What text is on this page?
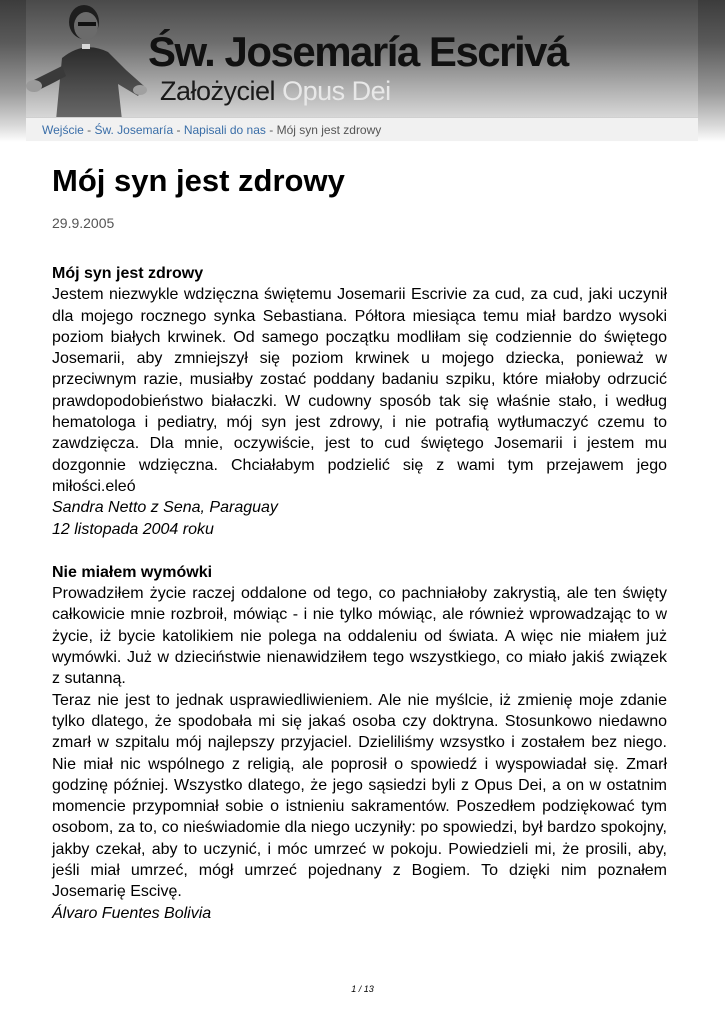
Św. Josemaría Escrivá
Założyciel Opus Dei
Wejście - Św. Josemaría - Napisali do nas - Mój syn jest zdrowy
Mój syn jest zdrowy
29.9.2005
Mój syn jest zdrowy

Jestem niezwykle wdzięczna świętemu Josemarii Escrivie za cud, za cud, jaki uczynił dla mojego rocznego synka Sebastiana. Półtora miesiąca temu miał bardzo wysoki poziom białych krwinek. Od samego początku modliłam się codziennie do świętego Josemarii, aby zmniejszył się poziom krwinek u mojego dziecka, ponieważ w przeciwnym razie, musiałby zostać poddany badaniu szpiku, które miałoby odrzucić prawdopodobieństwo białaczki. W cudowny sposób tak się właśnie stało, i według hematologa i pediatry, mój syn jest zdrowy, i nie potrafią wytłumaczyć czemu to zawdzięcza. Dla mnie, oczywiście, jest to cud świętego Josemarii i jestem mu dozgonnie wdzięczna. Chciałabym podzielić się z wami tym przejawem jego miłości.eleó

Sandra Netto z Sena, Paraguay
12 listopada 2004 roku
Nie miałem wymówki

Prowadziłem życie raczej oddalone od tego, co pachniałoby zakrystią, ale ten święty całkowicie mnie rozbroił, mówiąc - i nie tylko mówiąc, ale również wprowadzając to w życie, iż bycie katolikiem nie polega na oddaleniu od świata. A więc nie miałem już wymówki. Już w dzieciństwie nienawidziłem tego wszystkiego, co miało jakiś związek z sutanną.

Teraz nie jest to jednak usprawiedliwieniem. Ale nie myślcie, iż zmienię moje zdanie tylko dlatego, że spodobała mi się jakaś osoba czy doktryna. Stosunkowo niedawno zmarł w szpitalu mój najlepszy przyjaciel. Dzieliliśmy wzsystko i zostałem bez niego. Nie miał nic wspólnego z religią, ale poprosił o spowiedź i wyspowiadał się. Zmarł godzinę później. Wszystko dlatego, że jego sąsiedzi byli z Opus Dei, a on w ostatnim momencie przypomniał sobie o istnieniu sakramentów. Poszedłem podziękować tym osobom, za to, co nieświadomie dla niego uczyniły: po spowiedzi, był bardzo spokojny, jakby czekał, aby to uczynić, i móc umrzeć w pokoju. Powiedzieli mi, że prosili, aby, jeśli miał umrzeć, mógł umrzeć pojednany z Bogiem. To dzięki nim poznałem Josemarię Escivę.

Álvaro Fuentes Bolivia
1 / 13
